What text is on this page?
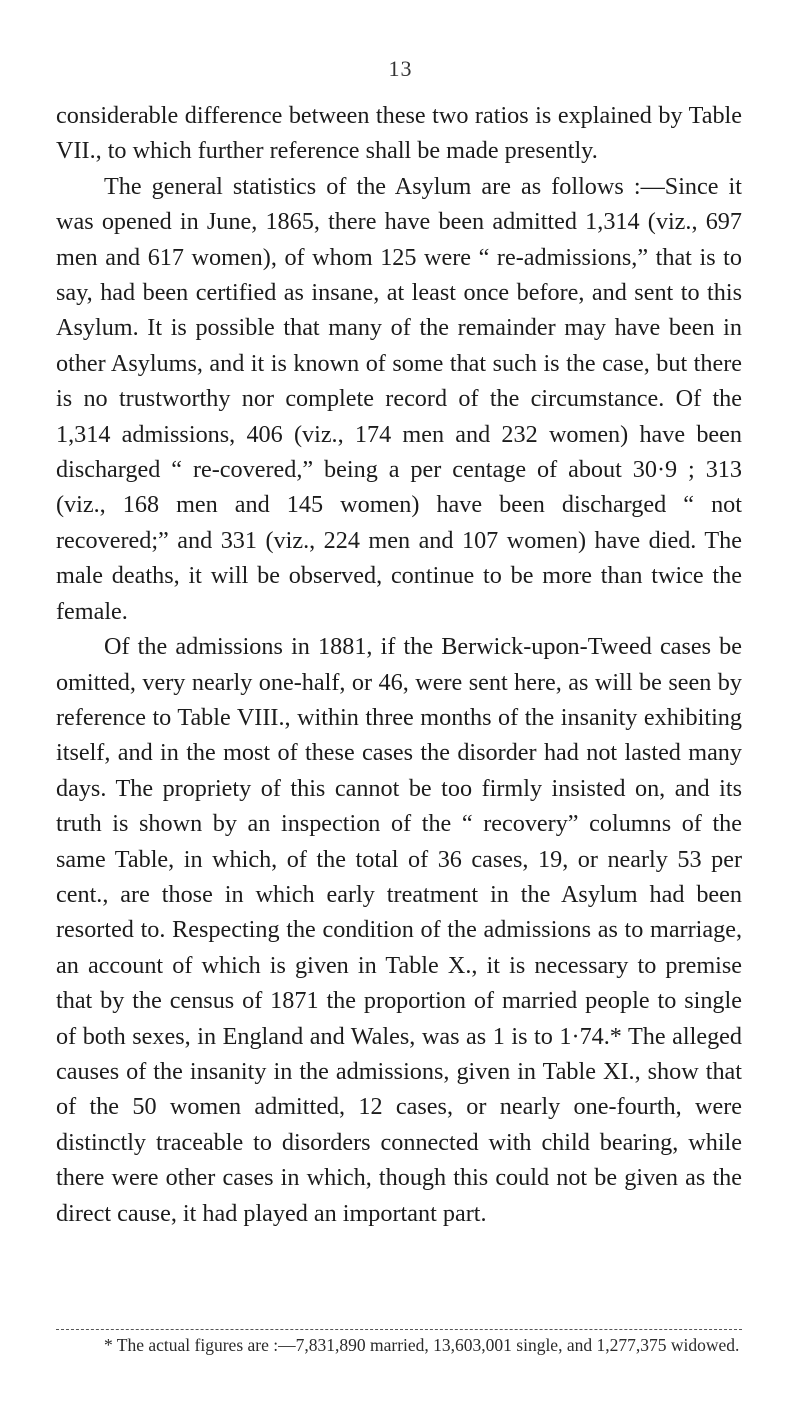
13

considerable difference between these two ratios is explained by Table VII., to which further reference shall be made presently.

The general statistics of the Asylum are as follows :—Since it was opened in June, 1865, there have been admitted 1,314 (viz., 697 men and 617 women), of whom 125 were “ re-admissions,” that is to say, had been certified as insane, at least once before, and sent to this Asylum. It is possible that many of the remainder may have been in other Asylums, and it is known of some that such is the case, but there is no trustworthy nor complete record of the circumstance. Of the 1,314 admissions, 406 (viz., 174 men and 232 women) have been discharged “ re-covered,” being a per centage of about 30·9 ; 313 (viz., 168 men and 145 women) have been discharged “ not recovered;” and 331 (viz., 224 men and 107 women) have died. The male deaths, it will be observed, continue to be more than twice the female.

Of the admissions in 1881, if the Berwick-upon-Tweed cases be omitted, very nearly one-half, or 46, were sent here, as will be seen by reference to Table VIII., within three months of the insanity exhibiting itself, and in the most of these cases the disorder had not lasted many days. The propriety of this cannot be too firmly insisted on, and its truth is shown by an inspection of the “ recovery” columns of the same Table, in which, of the total of 36 cases, 19, or nearly 53 per cent., are those in which early treatment in the Asylum had been resorted to. Respecting the condition of the admissions as to marriage, an account of which is given in Table X., it is necessary to premise that by the census of 1871 the proportion of married people to single of both sexes, in England and Wales, was as 1 is to 1·74.* The alleged causes of the insanity in the admissions, given in Table XI., show that of the 50 women admitted, 12 cases, or nearly one-fourth, were distinctly traceable to disorders connected with child bearing, while there were other cases in which, though this could not be given as the direct cause, it had played an important part.

* The actual figures are :—7,831,890 married, 13,603,001 single, and 1,277,375 widowed.
